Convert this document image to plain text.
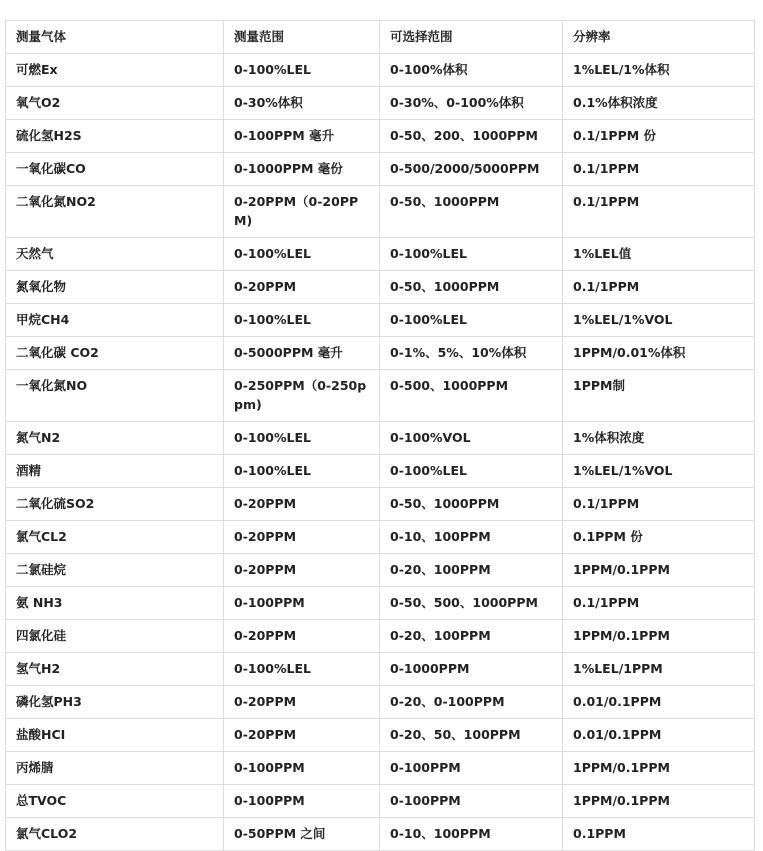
测量气体	测量范围	可选择范围	分辨率
可燃Ex	0-100%LEL	0-100%体积	1%LEL/1%体积
氧气O2	0-30%体积	0-30%、0-100%体积	0.1%体积浓度
硫化氢H2S	0-100PPM 毫升	0-50、200、1000PPM	0.1/1PPM 份
一氧化碳CO	0-1000PPM 毫份	0-500/2000/5000PPM	0.1/1PPM
二氧化氮NO2	0-20PPM（0-20PPM)	0-50、1000PPM	0.1/1PPM
天然气	0-100%LEL	0-100%LEL	1%LEL值
氮氧化物	0-20PPM	0-50、1000PPM	0.1/1PPM
甲烷CH4	0-100%LEL	0-100%LEL	1%LEL/1%VOL
二氧化碳 CO2	0-5000PPM 毫升	0-1%、5%、10%体积	1PPM/0.01%体积
一氧化氮NO	0-250PPM（0-250ppm)	0-500、1000PPM	1PPM制
氮气N2	0-100%LEL	0-100%VOL	1%体积浓度
酒精	0-100%LEL	0-100%LEL	1%LEL/1%VOL
二氧化硫SO2	0-20PPM	0-50、1000PPM	0.1/1PPM
氯气CL2	0-20PPM	0-10、100PPM	0.1PPM 份
二氯硅烷	0-20PPM	0-20、100PPM	1PPM/0.1PPM
氨 NH3	0-100PPM	0-50、500、1000PPM	0.1/1PPM
四氯化硅	0-20PPM	0-20、100PPM	1PPM/0.1PPM
氢气H2	0-100%LEL	0-1000PPM	1%LEL/1PPM
磷化氢PH3	0-20PPM	0-20、0-100PPM	0.01/0.1PPM
盐酸HCI	0-20PPM	0-20、50、100PPM	0.01/0.1PPM
丙烯腈	0-100PPM	0-100PPM	1PPM/0.1PPM
总TVOC	0-100PPM	0-100PPM	1PPM/0.1PPM
氯气CLO2	0-50PPM 之间	0-10、100PPM	0.1PPM
